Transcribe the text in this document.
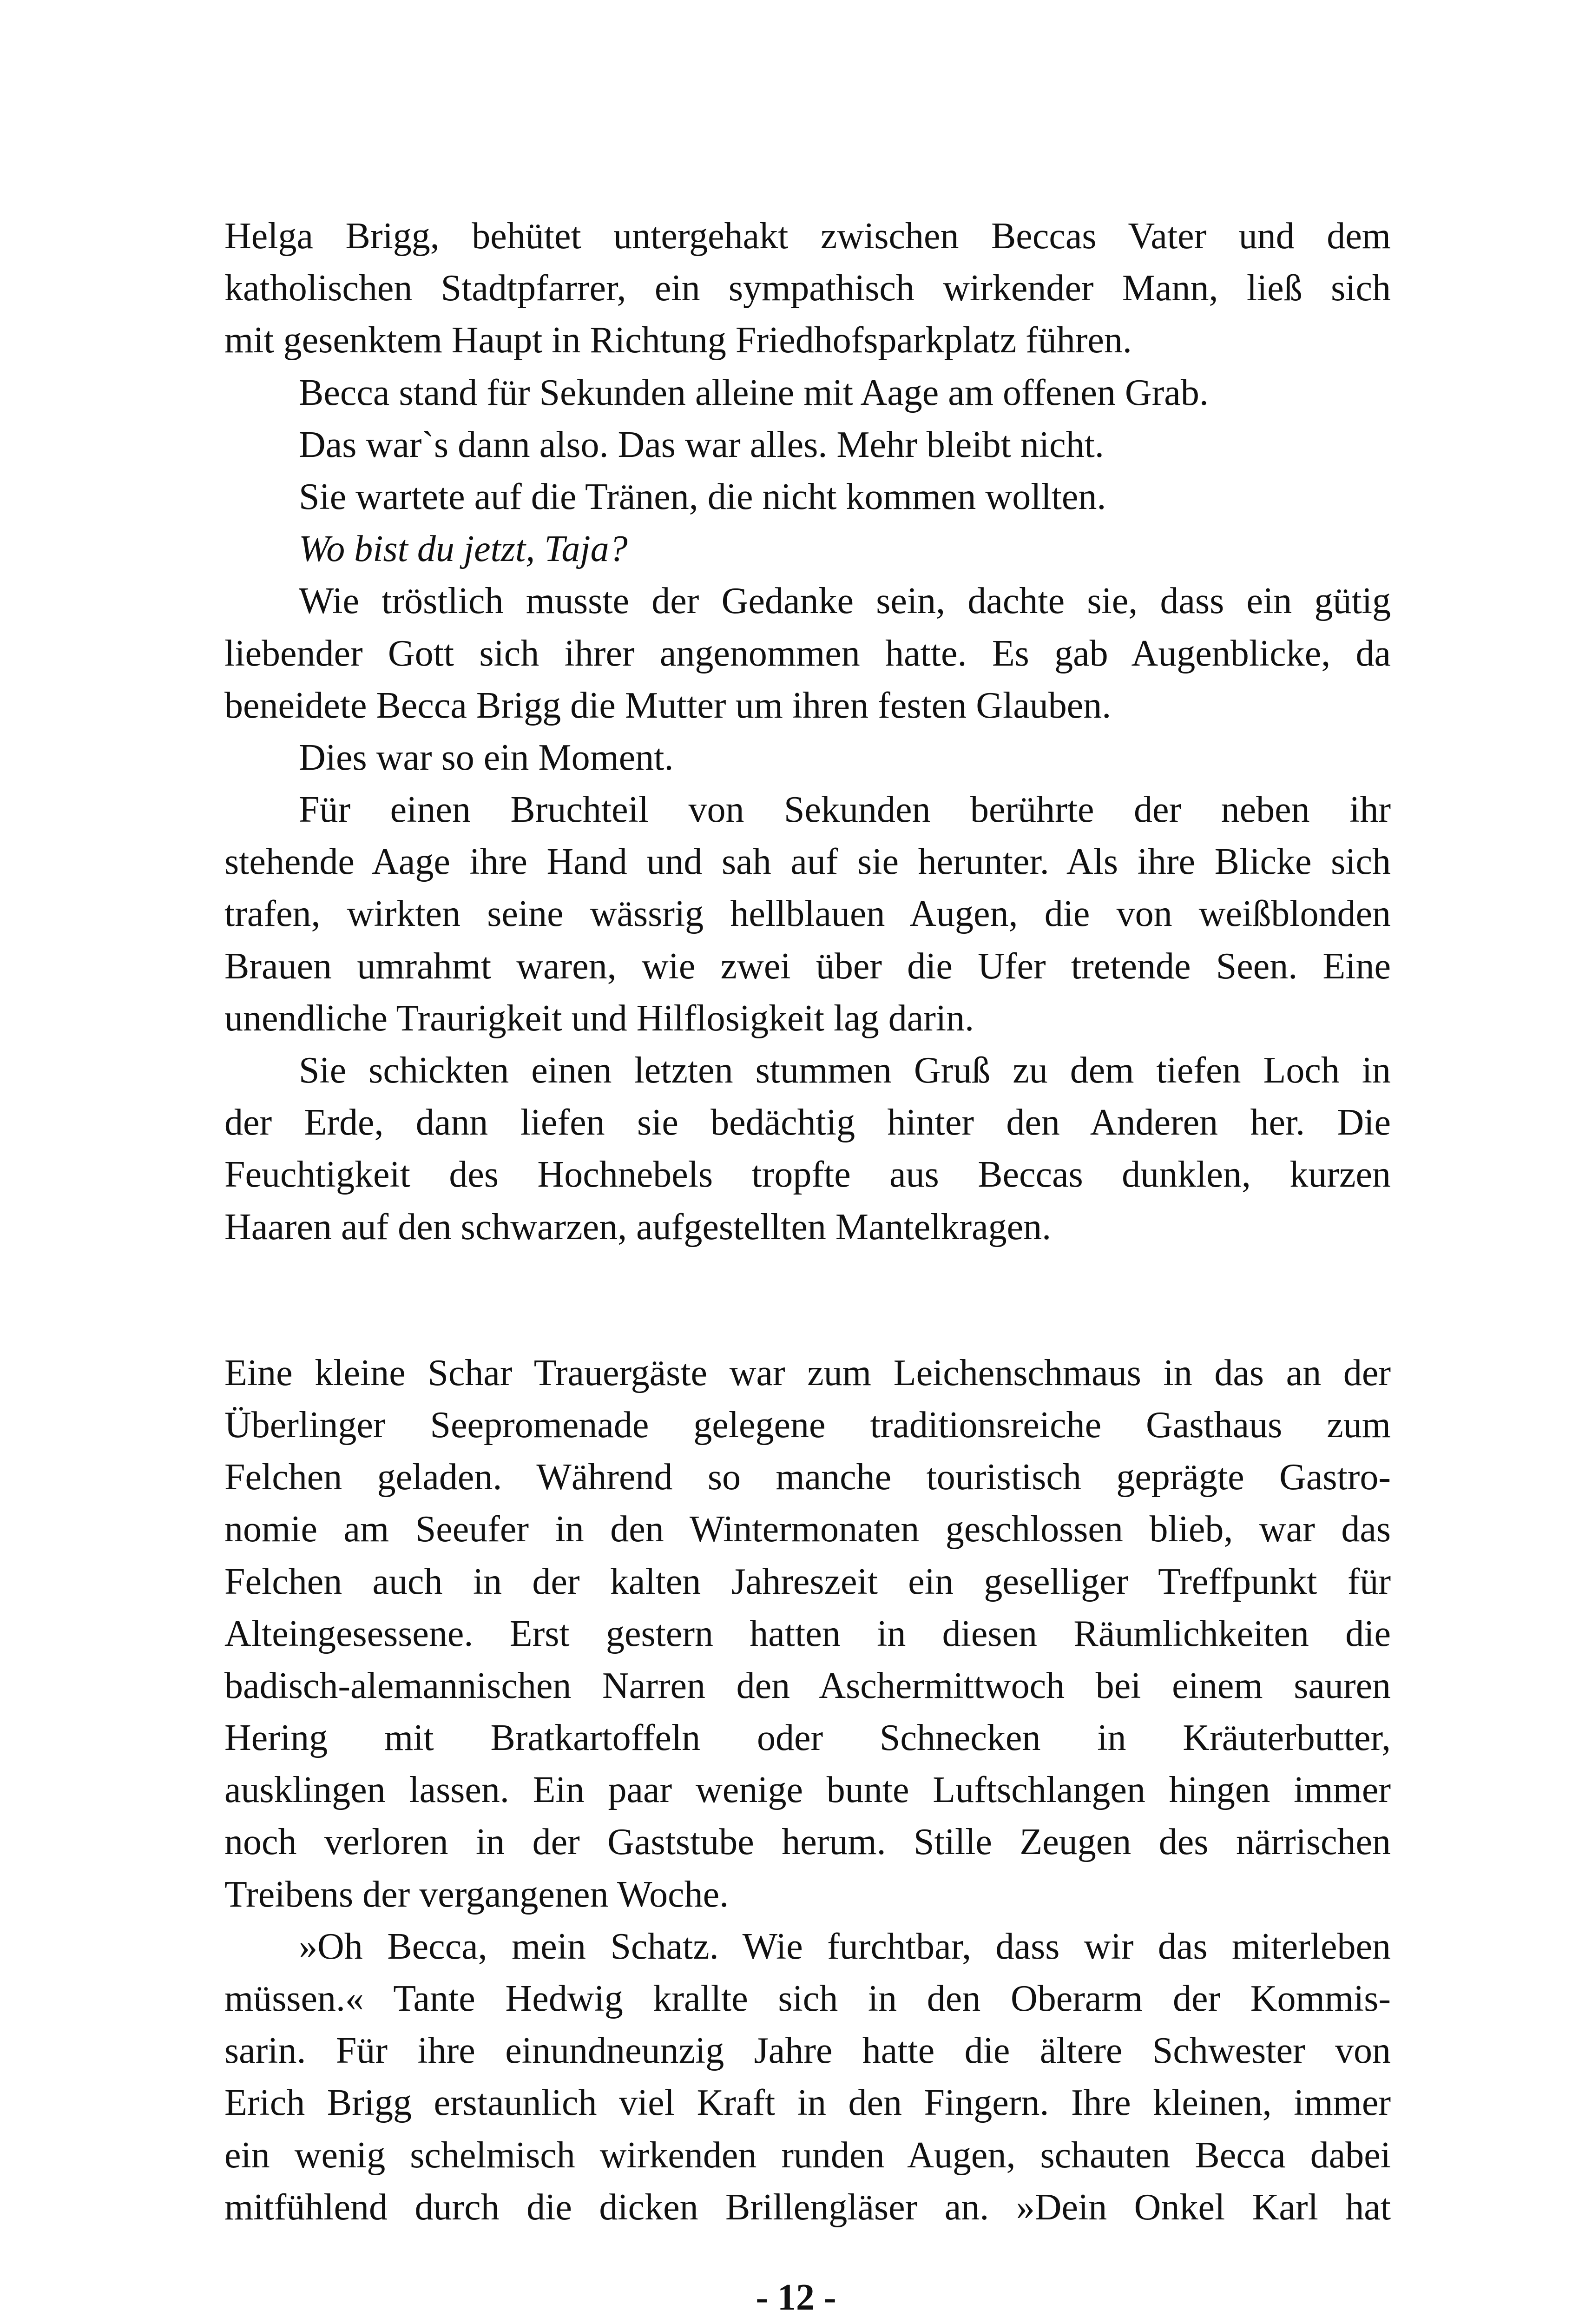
Helga Brigg, behütet untergehakt zwischen Beccas Vater und dem
katholischen Stadtpfarrer, ein sympathisch wirkender Mann, ließ sich
mit gesenktem Haupt in Richtung Friedhofsparkplatz führen.
Becca stand für Sekunden alleine mit Aage am offenen Grab.
Das war`s dann also. Das war alles. Mehr bleibt nicht.
Sie wartete auf die Tränen, die nicht kommen wollten.
Wo bist du jetzt, Taja?
Wie tröstlich musste der Gedanke sein, dachte sie, dass ein gütig
liebender Gott sich ihrer angenommen hatte. Es gab Augenblicke, da
beneidete Becca Brigg die Mutter um ihren festen Glauben.
Dies war so ein Moment.
Für einen Bruchteil von Sekunden berührte der neben ihr
stehende Aage ihre Hand und sah auf sie herunter. Als ihre Blicke sich
trafen, wirkten seine wässrig hellblauen Augen, die von weißblonden
Brauen umrahmt waren, wie zwei über die Ufer tretende Seen. Eine
unendliche Traurigkeit und Hilflosigkeit lag darin.
Sie schickten einen letzten stummen Gruß zu dem tiefen Loch in
der Erde, dann liefen sie bedächtig hinter den Anderen her. Die
Feuchtigkeit des Hochnebels tropfte aus Beccas dunklen, kurzen
Haaren auf den schwarzen, aufgestellten Mantelkragen.
Eine kleine Schar Trauergäste war zum Leichenschmaus in das an der
Überlinger Seepromenade gelegene traditionsreiche Gasthaus zum
Felchen geladen. Während so manche touristisch geprägte Gastro-
nomie am Seeufer in den Wintermonaten geschlossen blieb, war das
Felchen auch in der kalten Jahreszeit ein geselliger Treffpunkt für
Alteingesessene. Erst gestern hatten in diesen Räumlichkeiten die
badisch-alemannischen Narren den Aschermittwoch bei einem sauren
Hering mit Bratkartoffeln oder Schnecken in Kräuterbutter,
ausklingen lassen. Ein paar wenige bunte Luftschlangen hingen immer
noch verloren in der Gaststube herum. Stille Zeugen des närrischen
Treibens der vergangenen Woche.
»Oh Becca, mein Schatz. Wie furchtbar, dass wir das miterleben
müssen.« Tante Hedwig krallte sich in den Oberarm der Kommis-
sarin. Für ihre einundneunzig Jahre hatte die ältere Schwester von
Erich Brigg erstaunlich viel Kraft in den Fingern. Ihre kleinen, immer
ein wenig schelmisch wirkenden runden Augen, schauten Becca dabei
mitfühlend durch die dicken Brillengläser an. »Dein Onkel Karl hat
- 12 -
